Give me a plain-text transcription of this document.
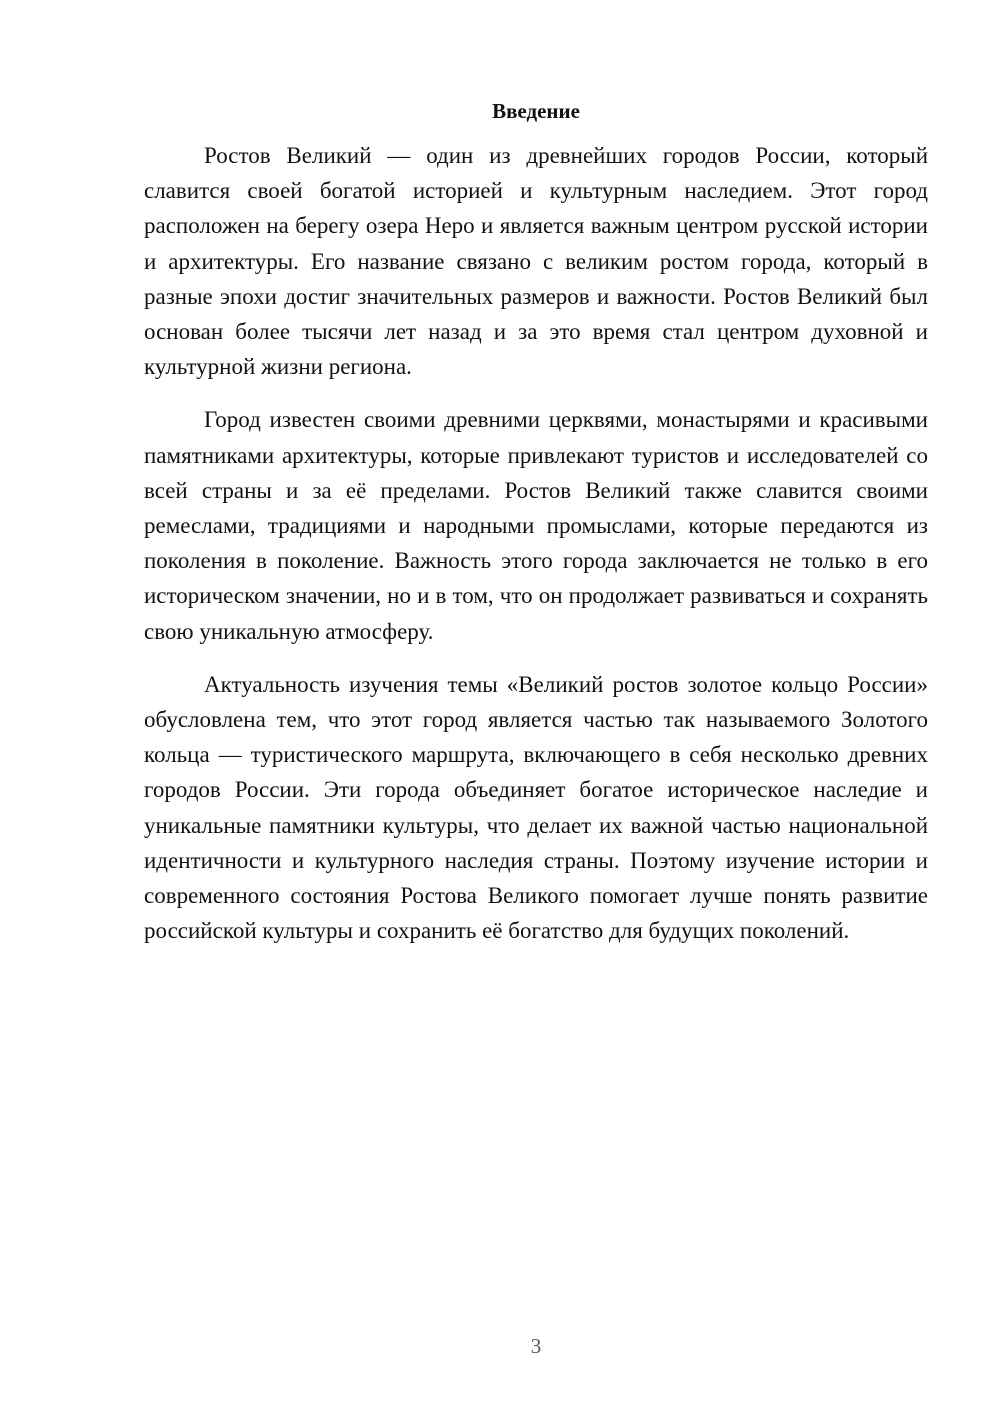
Введение

Ростов Великий — один из древнейших городов России, который славится своей богатой историей и культурным наследием. Этот город расположен на берегу озера Неро и является важным центром русской истории и архитектуры. Его название связано с великим ростом города, который в разные эпохи достиг значительных размеров и важности. Ростов Великий был основан более тысячи лет назад и за это время стал центром духовной и культурной жизни региона.

Город известен своими древними церквями, монастырями и красивыми памятниками архитектуры, которые привлекают туристов и исследователей со всей страны и за её пределами. Ростов Великий также славится своими ремеслами, традициями и народными промыслами, которые передаются из поколения в поколение. Важность этого города заключается не только в его историческом значении, но и в том, что он продолжает развиваться и сохранять свою уникальную атмосферу.

Актуальность изучения темы «Великий ростов золотое кольцо России» обусловлена тем, что этот город является частью так называемого Золотого кольца — туристического маршрута, включающего в себя несколько древних городов России. Эти города объединяет богатое историческое наследие и уникальные памятники культуры, что делает их важной частью национальной идентичности и культурного наследия страны. Поэтому изучение истории и современного состояния Ростова Великого помогает лучше понять развитие российской культуры и сохранить её богатство для будущих поколений.

3
